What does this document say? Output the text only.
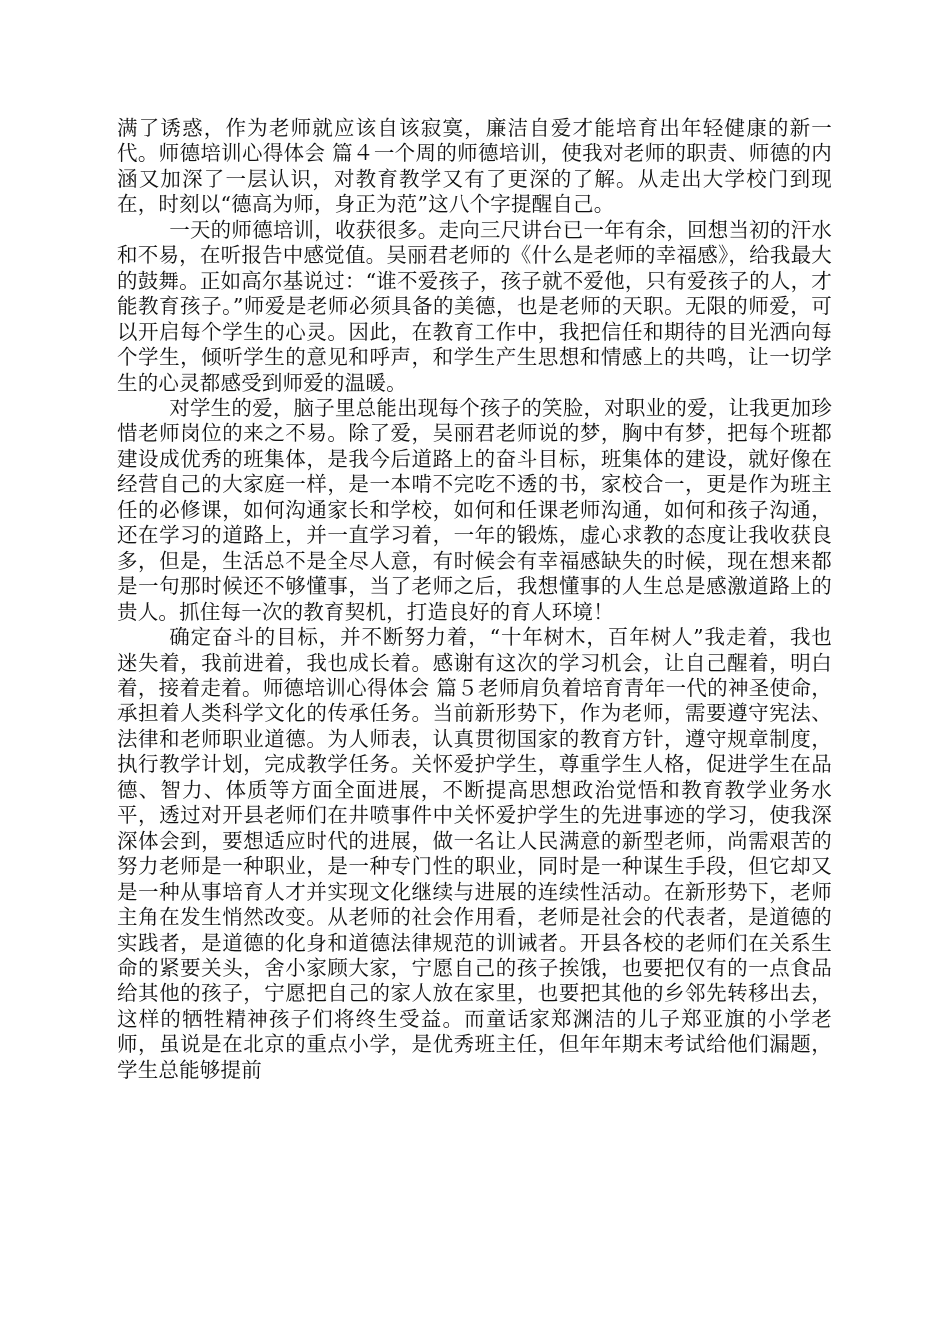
满了诱惑，作为老师就应该自该寂寞，廉洁自爱才能培育出年轻健康的新一代。师德培训心得体会 篇４一个周的师德培训，使我对老师的职责、师德的内涵又加深了一层认识，对教育教学又有了更深的了解。从走出大学校门到现在，时刻以“德高为师，身正为范”这八个字提醒自己。

一天的师德培训，收获很多。走向三尺讲台已一年有余，回想当初的汗水和不易，在听报告中感觉值。吴丽君老师的《什么是老师的幸福感》，给我最大的鼓舞。正如高尔基说过：“谁不爱孩子，孩子就不爱他，只有爱孩子的人，才能教育孩子。”师爱是老师必须具备的美德，也是老师的天职。无限的师爱，可以开启每个学生的心灵。因此，在教育工作中，我把信任和期待的目光洒向每个学生，倾听学生的意见和呼声，和学生产生思想和情感上的共鸣，让一切学生的心灵都感受到师爱的温暖。

对学生的爱，脑子里总能出现每个孩子的笑脸，对职业的爱，让我更加珍惜老师岗位的来之不易。除了爱，吴丽君老师说的梦，胸中有梦，把每个班都建设成优秀的班集体，是我今后道路上的奋斗目标，班集体的建设，就好像在经营自己的大家庭一样，是一本啃不完吃不透的书，家校合一，更是作为班主任的必修课，如何沟通家长和学校，如何和任课老师沟通，如何和孩子沟通，还在学习的道路上，并一直学习着，一年的锻炼，虚心求教的态度让我收获良多，但是，生活总不是全尽人意，有时候会有幸福感缺失的时候，现在想来都是一句那时候还不够懂事，当了老师之后，我想懂事的人生总是感激道路上的贵人。抓住每一次的教育契机，打造良好的育人环境！

确定奋斗的目标，并不断努力着，“十年树木，百年树人”我走着，我也迷失着，我前进着，我也成长着。感谢有这次的学习机会，让自己醒着，明白着，接着走着。师德培训心得体会 篇５老师肩负着培育青年一代的神圣使命，承担着人类科学文化的传承任务。当前新形势下，作为老师，需要遵守宪法、法律和老师职业道德。为人师表，认真贯彻国家的教育方针，遵守规章制度，执行教学计划，完成教学任务。关怀爱护学生，尊重学生人格，促进学生在品德、智力、体质等方面全面进展，不断提高思想政治觉悟和教育教学业务水平，透过对开县老师们在井喷事件中关怀爱护学生的先进事迹的学习，使我深深体会到，要想适应时代的进展，做一名让人民满意的新型老师，尚需艰苦的努力老师是一种职业，是一种专门性的职业，同时是一种谋生手段，但它却又是一种从事培育人才并实现文化继续与进展的连续性活动。在新形势下，老师主角在发生悄然改变。从老师的社会作用看，老师是社会的代表者，是道德的实践者，是道德的化身和道德法律规范的训诫者。开县各校的老师们在关系生命的紧要关头，舍小家顾大家，宁愿自己的孩子挨饿，也要把仅有的一点食品给其他的孩子，宁愿把自己的家人放在家里，也要把其他的乡邻先转移出去，这样的牺牲精神孩子们将终生受益。而童话家郑渊洁的儿子郑亚旗的小学老师，虽说是在北京的重点小学，是优秀班主任，但年年期末考试给他们漏题，学生总能够提前
